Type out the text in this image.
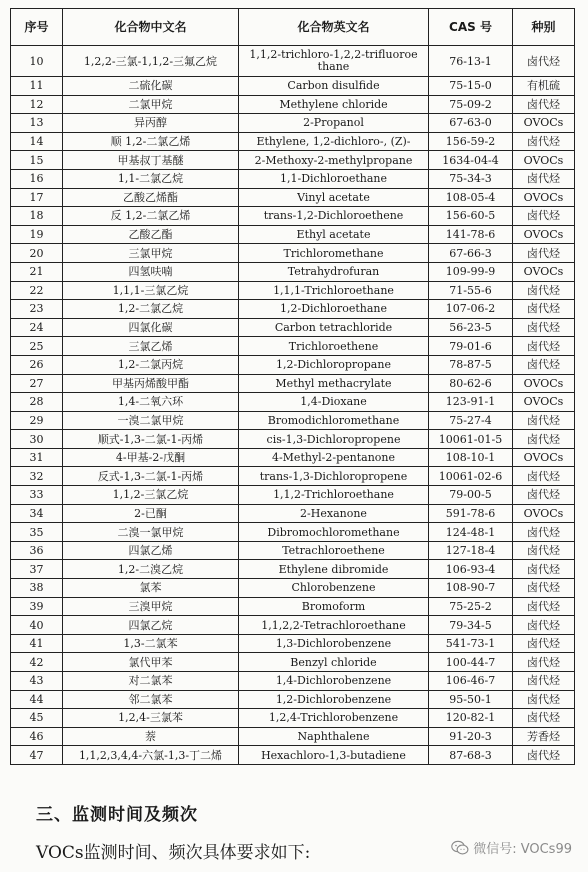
序号	化合物中文名	化合物英文名	CAS 号	种别
10	1,2,2-三氯-1,1,2-三氟乙烷	1,1,2-trichloro-1,2,2-trifluoroe thane	76-13-1	卤代烃
11	二硫化碳	Carbon disulfide	75-15-0	有机硫
12	二氯甲烷	Methylene chloride	75-09-2	卤代烃
13	异丙醇	2-Propanol	67-63-0	OVOCs
14	顺 1,2-二氯乙烯	Ethylene, 1,2-dichloro-, (Z)-	156-59-2	卤代烃
15	甲基叔丁基醚	2-Methoxy-2-methylpropane	1634-04-4	OVOCs
16	1,1-二氯乙烷	1,1-Dichloroethane	75-34-3	卤代烃
17	乙酸乙烯酯	Vinyl acetate	108-05-4	OVOCs
18	反 1,2-二氯乙烯	trans-1,2-Dichloroethene	156-60-5	卤代烃
19	乙酸乙酯	Ethyl acetate	141-78-6	OVOCs
20	三氯甲烷	Trichloromethane	67-66-3	卤代烃
21	四氢呋喃	Tetrahydrofuran	109-99-9	OVOCs
22	1,1,1-三氯乙烷	1,1,1-Trichloroethane	71-55-6	卤代烃
23	1,2-二氯乙烷	1,2-Dichloroethane	107-06-2	卤代烃
24	四氯化碳	Carbon tetrachloride	56-23-5	卤代烃
25	三氯乙烯	Trichloroethene	79-01-6	卤代烃
26	1,2-二氯丙烷	1,2-Dichloropropane	78-87-5	卤代烃
27	甲基丙烯酸甲酯	Methyl methacrylate	80-62-6	OVOCs
28	1,4-二氧六环	1,4-Dioxane	123-91-1	OVOCs
29	一溴二氯甲烷	Bromodichloromethane	75-27-4	卤代烃
30	顺式-1,3-二氯-1-丙烯	cis-1,3-Dichloropropene	10061-01-5	卤代烃
31	4-甲基-2-戊酮	4-Methyl-2-pentanone	108-10-1	OVOCs
32	反式-1,3-二氯-1-丙烯	trans-1,3-Dichloropropene	10061-02-6	卤代烃
33	1,1,2-三氯乙烷	1,1,2-Trichloroethane	79-00-5	卤代烃
34	2-已酮	2-Hexanone	591-78-6	OVOCs
35	二溴一氯甲烷	Dibromochloromethane	124-48-1	卤代烃
36	四氯乙烯	Tetrachloroethene	127-18-4	卤代烃
37	1,2-二溴乙烷	Ethylene dibromide	106-93-4	卤代烃
38	氯苯	Chlorobenzene	108-90-7	卤代烃
39	三溴甲烷	Bromoform	75-25-2	卤代烃
40	四氯乙烷	1,1,2,2-Tetrachloroethane	79-34-5	卤代烃
41	1,3-二氯苯	1,3-Dichlorobenzene	541-73-1	卤代烃
42	氯代甲苯	Benzyl chloride	100-44-7	卤代烃
43	对二氯苯	1,4-Dichlorobenzene	106-46-7	卤代烃
44	邻二氯苯	1,2-Dichlorobenzene	95-50-1	卤代烃
45	1,2,4-三氯苯	1,2,4-Trichlorobenzene	120-82-1	卤代烃
46	萘	Naphthalene	91-20-3	芳香烃
47	1,1,2,3,4,4-六氯-1,3-丁二烯	Hexachloro-1,3-butadiene	87-68-3	卤代烃
三、监测时间及频次
VOCs监测时间、频次具体要求如下:	微信号: VOCs99
